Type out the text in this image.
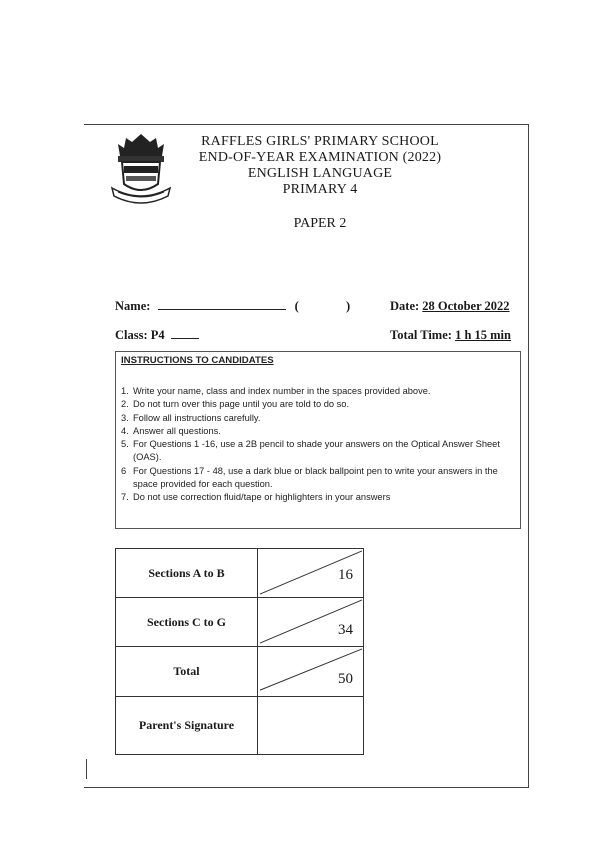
RAFFLES GIRLS' PRIMARY SCHOOL
END-OF-YEAR EXAMINATION (2022)
ENGLISH LANGUAGE
PRIMARY 4
PAPER 2
Name:	(	)	Date: 28 October 2022
Class: P4	Total Time: 1 h 15 min
INSTRUCTIONS TO CANDIDATES
1. Write your name, class and index number in the spaces provided above.
2. Do not turn over this page until you are told to do so.
3. Follow all instructions carefully.
4. Answer all questions.
5. For Questions 1 -16, use a 2B pencil to shade your answers on the Optical Answer Sheet (OAS).
6 For Questions 17 - 48, use a dark blue or black ballpoint pen to write your answers in the space provided for each question.
7. Do not use correction fluid/tape or highlighters in your answers
Sections A to B	16

Sections C to G	34

Total	50

Parent's Signature	
